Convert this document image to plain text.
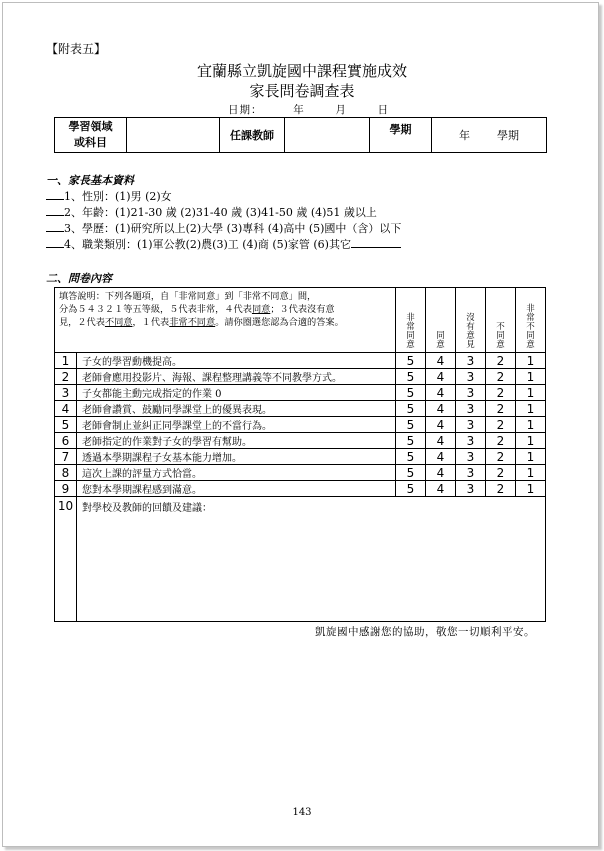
【附表五】
宜蘭縣立凱旋國中課程實施成效
家長問卷調查表
日期：	年	月	日
學習領域
或科目
		任課教師		學期	年 學期
一、家長基本資料
1、性別：(1)男 (2)女
2、年齡：(1)21-30 歲 (2)31-40 歲 (3)41-50 歲 (4)51 歲以上
3、學歷：(1)研究所以上(2)大學 (3)專科 (4)高中 (5)國中（含）以下
4、職業類別：(1)軍公教(2)農(3)工 (4)商 (5)家管 (6)其它
二、問卷內容
填答說明：下列各題項，自「非常同意」到「非常不同意」間，
分為５４３２１等五等級，５代表非常，４代表同意；３代表沒有意
見，２代表不同意，１代表非常不同意。請你圈選您認為合適的答案。		非常同意	同意	沒有意見	不同意	非常不同意
1	子女的學習動機提高。	5	4	3	2	1
2	老師會應用投影片、海報、課程整理講義等不同教學方式。	5	4	3	2	1
3	子女都能主動完成指定的作業 0	5	4	3	2	1
4	老師會讚賞、鼓勵同學課堂上的優異表現。	5	4	3	2	1
5	老師會制止並糾正同學課堂上的不當行為。	5	4	3	2	1
6	老師指定的作業對子女的學習有幫助。	5	4	3	2	1
7	透過本學期課程子女基本能力增加。	5	4	3	2	1
8	這次上課的評量方式恰當。	5	4	3	2	1
9	您對本學期課程感到滿意。	5	4	3	2	1
10	對學校及教師的回饋及建議：					
凱旋國中感謝您的協助，敬您一切順利平安。
143
